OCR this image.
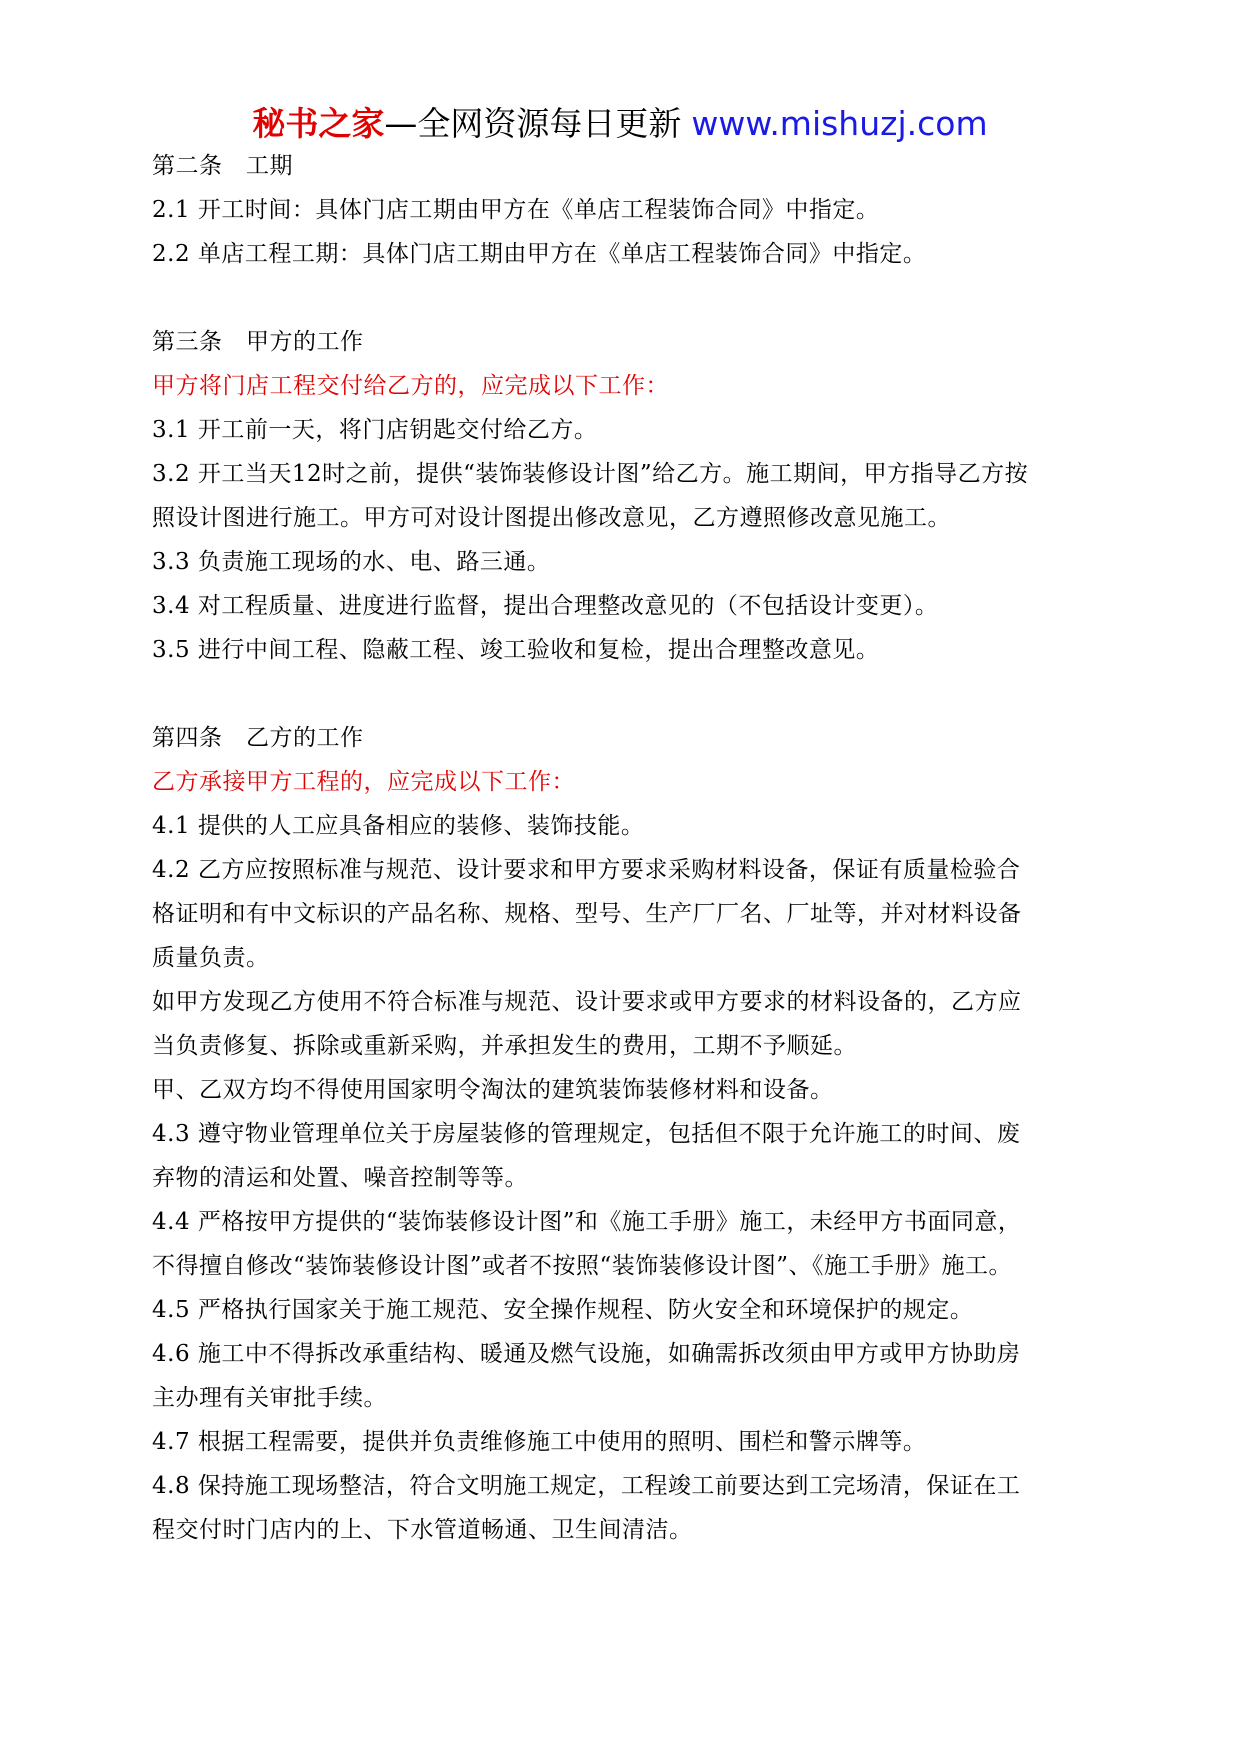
秘书之家—全网资源每日更新 www.mishuzj.com
第二条　工期
2.1 开工时间：具体门店工期由甲方在《单店工程装饰合同》中指定。
2.2 单店工程工期：具体门店工期由甲方在《单店工程装饰合同》中指定。
第三条　甲方的工作
甲方将门店工程交付给乙方的，应完成以下工作：
3.1 开工前一天，将门店钥匙交付给乙方。
3.2 开工当天12时之前，提供“装饰装修设计图”给乙方。施工期间，甲方指导乙方按
照设计图进行施工。甲方可对设计图提出修改意见，乙方遵照修改意见施工。
3.3 负责施工现场的水、电、路三通。
3.4 对工程质量、进度进行监督，提出合理整改意见的（不包括设计变更）。
3.5 进行中间工程、隐蔽工程、竣工验收和复检，提出合理整改意见。
第四条　乙方的工作
乙方承接甲方工程的，应完成以下工作：
4.1 提供的人工应具备相应的装修、装饰技能。
4.2 乙方应按照标准与规范、设计要求和甲方要求采购材料设备，保证有质量检验合
格证明和有中文标识的产品名称、规格、型号、生产厂厂名、厂址等，并对材料设备
质量负责。
如甲方发现乙方使用不符合标准与规范、设计要求或甲方要求的材料设备的，乙方应
当负责修复、拆除或重新采购，并承担发生的费用，工期不予顺延。
甲、乙双方均不得使用国家明令淘汰的建筑装饰装修材料和设备。
4.3 遵守物业管理单位关于房屋装修的管理规定，包括但不限于允许施工的时间、废
弃物的清运和处置、噪音控制等等。
4.4 严格按甲方提供的“装饰装修设计图”和《施工手册》施工，未经甲方书面同意，
不得擅自修改“装饰装修设计图”或者不按照“装饰装修设计图”、《施工手册》施工。
4.5 严格执行国家关于施工规范、安全操作规程、防火安全和环境保护的规定。
4.6 施工中不得拆改承重结构、暖通及燃气设施，如确需拆改须由甲方或甲方协助房
主办理有关审批手续。
4.7 根据工程需要，提供并负责维修施工中使用的照明、围栏和警示牌等。
4.8 保持施工现场整洁，符合文明施工规定，工程竣工前要达到工完场清，保证在工
程交付时门店内的上、下水管道畅通、卫生间清洁。
